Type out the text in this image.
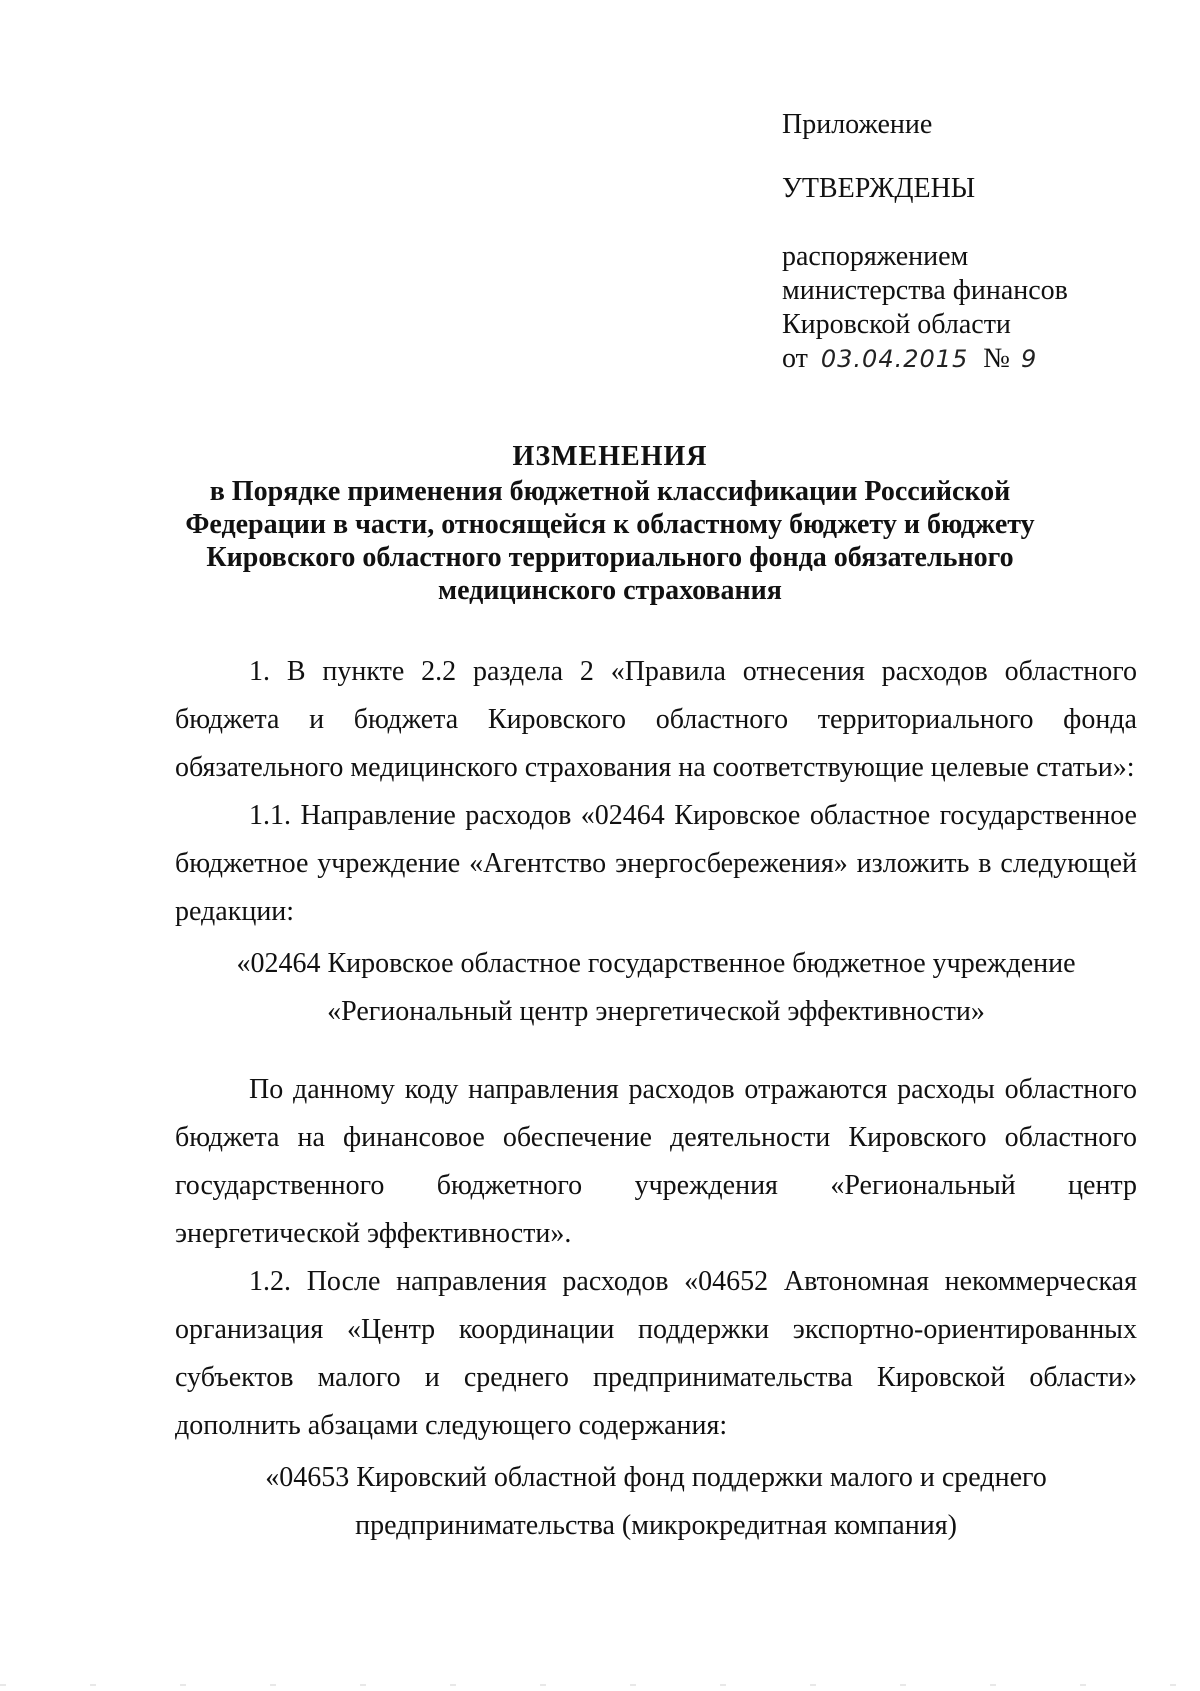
Приложение
УТВЕРЖДЕНЫ
распоряжением
министерства финансов
Кировской области
от 03.04.2015 № 9
ИЗМЕНЕНИЯ
в Порядке применения бюджетной классификации Российской
Федерации в части, относящейся к областному бюджету и бюджету
Кировского областного территориального фонда обязательного
медицинского страхования

1. В пункте 2.2 раздела 2 «Правила отнесения расходов областного бюджета и бюджета Кировского областного территориального фонда обязательного медицинского страхования на соответствующие целевые статьи»:

1.1. Направление расходов «02464 Кировское областное государственное бюджетное учреждение «Агентство энергосбережения» изложить в следующей редакции:

«02464 Кировское областное государственное бюджетное учреждение

«Региональный центр энергетической эффективности»

По данному коду направления расходов отражаются расходы областного бюджета на финансовое обеспечение деятельности Кировского областного государственного бюджетного учреждения «Региональный центр энергетической эффективности».

1.2. После направления расходов «04652 Автономная некоммерческая организация «Центр координации поддержки экспортно-ориентированных субъектов малого и среднего предпринимательства Кировской области» дополнить абзацами следующего содержания:

«04653 Кировский областной фонд поддержки малого и среднего

предпринимательства (микрокредитная компания)
